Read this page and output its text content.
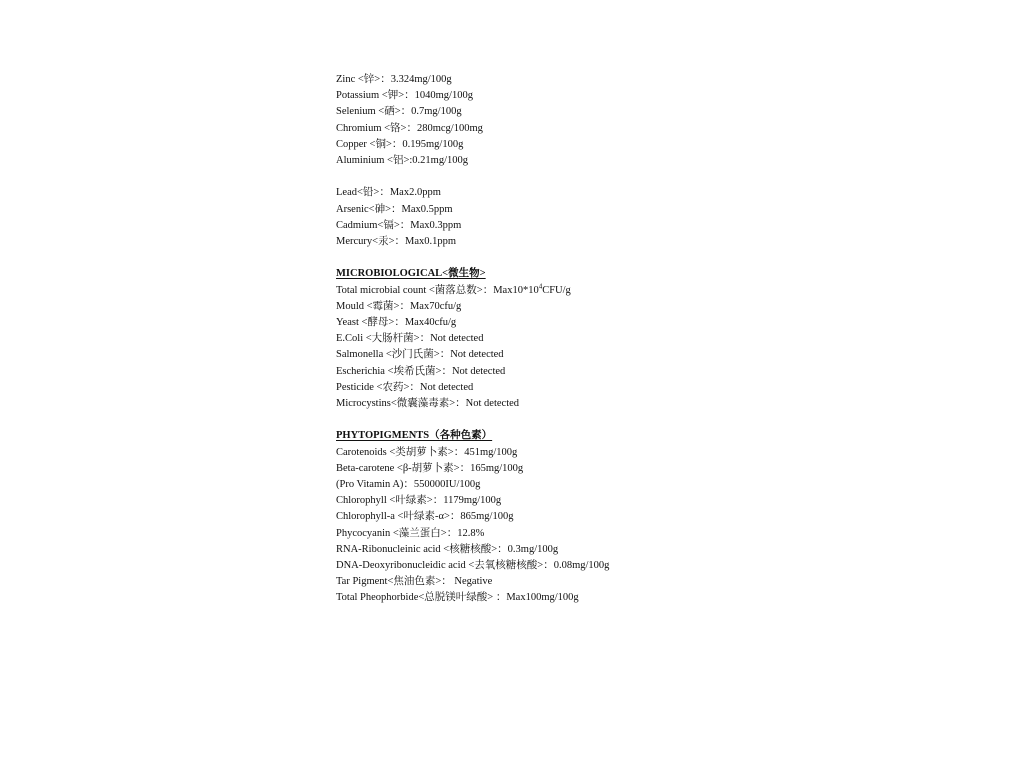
Zinc <锌>：3.324mg/100g
Potassium <钾>：1040mg/100g
Selenium <硒>：0.7mg/100g
Chromium <铬>：280mcg/100mg
Copper <铜>：0.195mg/100g
Aluminium <铝>:0.21mg/100g
Lead<铅>：Max2.0ppm
Arsenic<砷>：Max0.5ppm
Cadmium<镉>：Max0.3ppm
Mercury<汞>：Max0.1ppm
MICROBIOLOGICAL<微生物>
Total microbial count <菌落总数>：$Max10*10^4CFU/g$
Mould <霉菌>：Max70cfu/g
Yeast <酵母>：Max40cfu/g
E.Coli <大肠杆菌>：Not detected
Salmonella <沙门氏菌>：Not detected
Escherichia <埃希氏菌>：Not detected
Pesticide <农药>：Not detected
Microcystins<微囊藻毒素>：Not detected
PHYTOPIGMENTS（各种色素）
Carotenoids <类胡萝卜素>：451mg/100g
Beta-carotene <β-胡萝卜素>：165mg/100g
(Pro Vitamin A)：550000IU/100g
Chlorophyll <叶绿素>：1179mg/100g
Chlorophyll-a <叶绿素-α>：865mg/100g
Phycocyanin <藻兰蛋白>：12.8%
RNA-Ribonucleinic acid <核糖核酸>：0.3mg/100g
DNA-Deoxyribonucleidic acid <去氧核糖核酸>：0.08mg/100g
Tar Pigment<焦油色素>： Negative
Total Pheophorbide<总脱镁叶绿酸> ：Max100mg/100g
